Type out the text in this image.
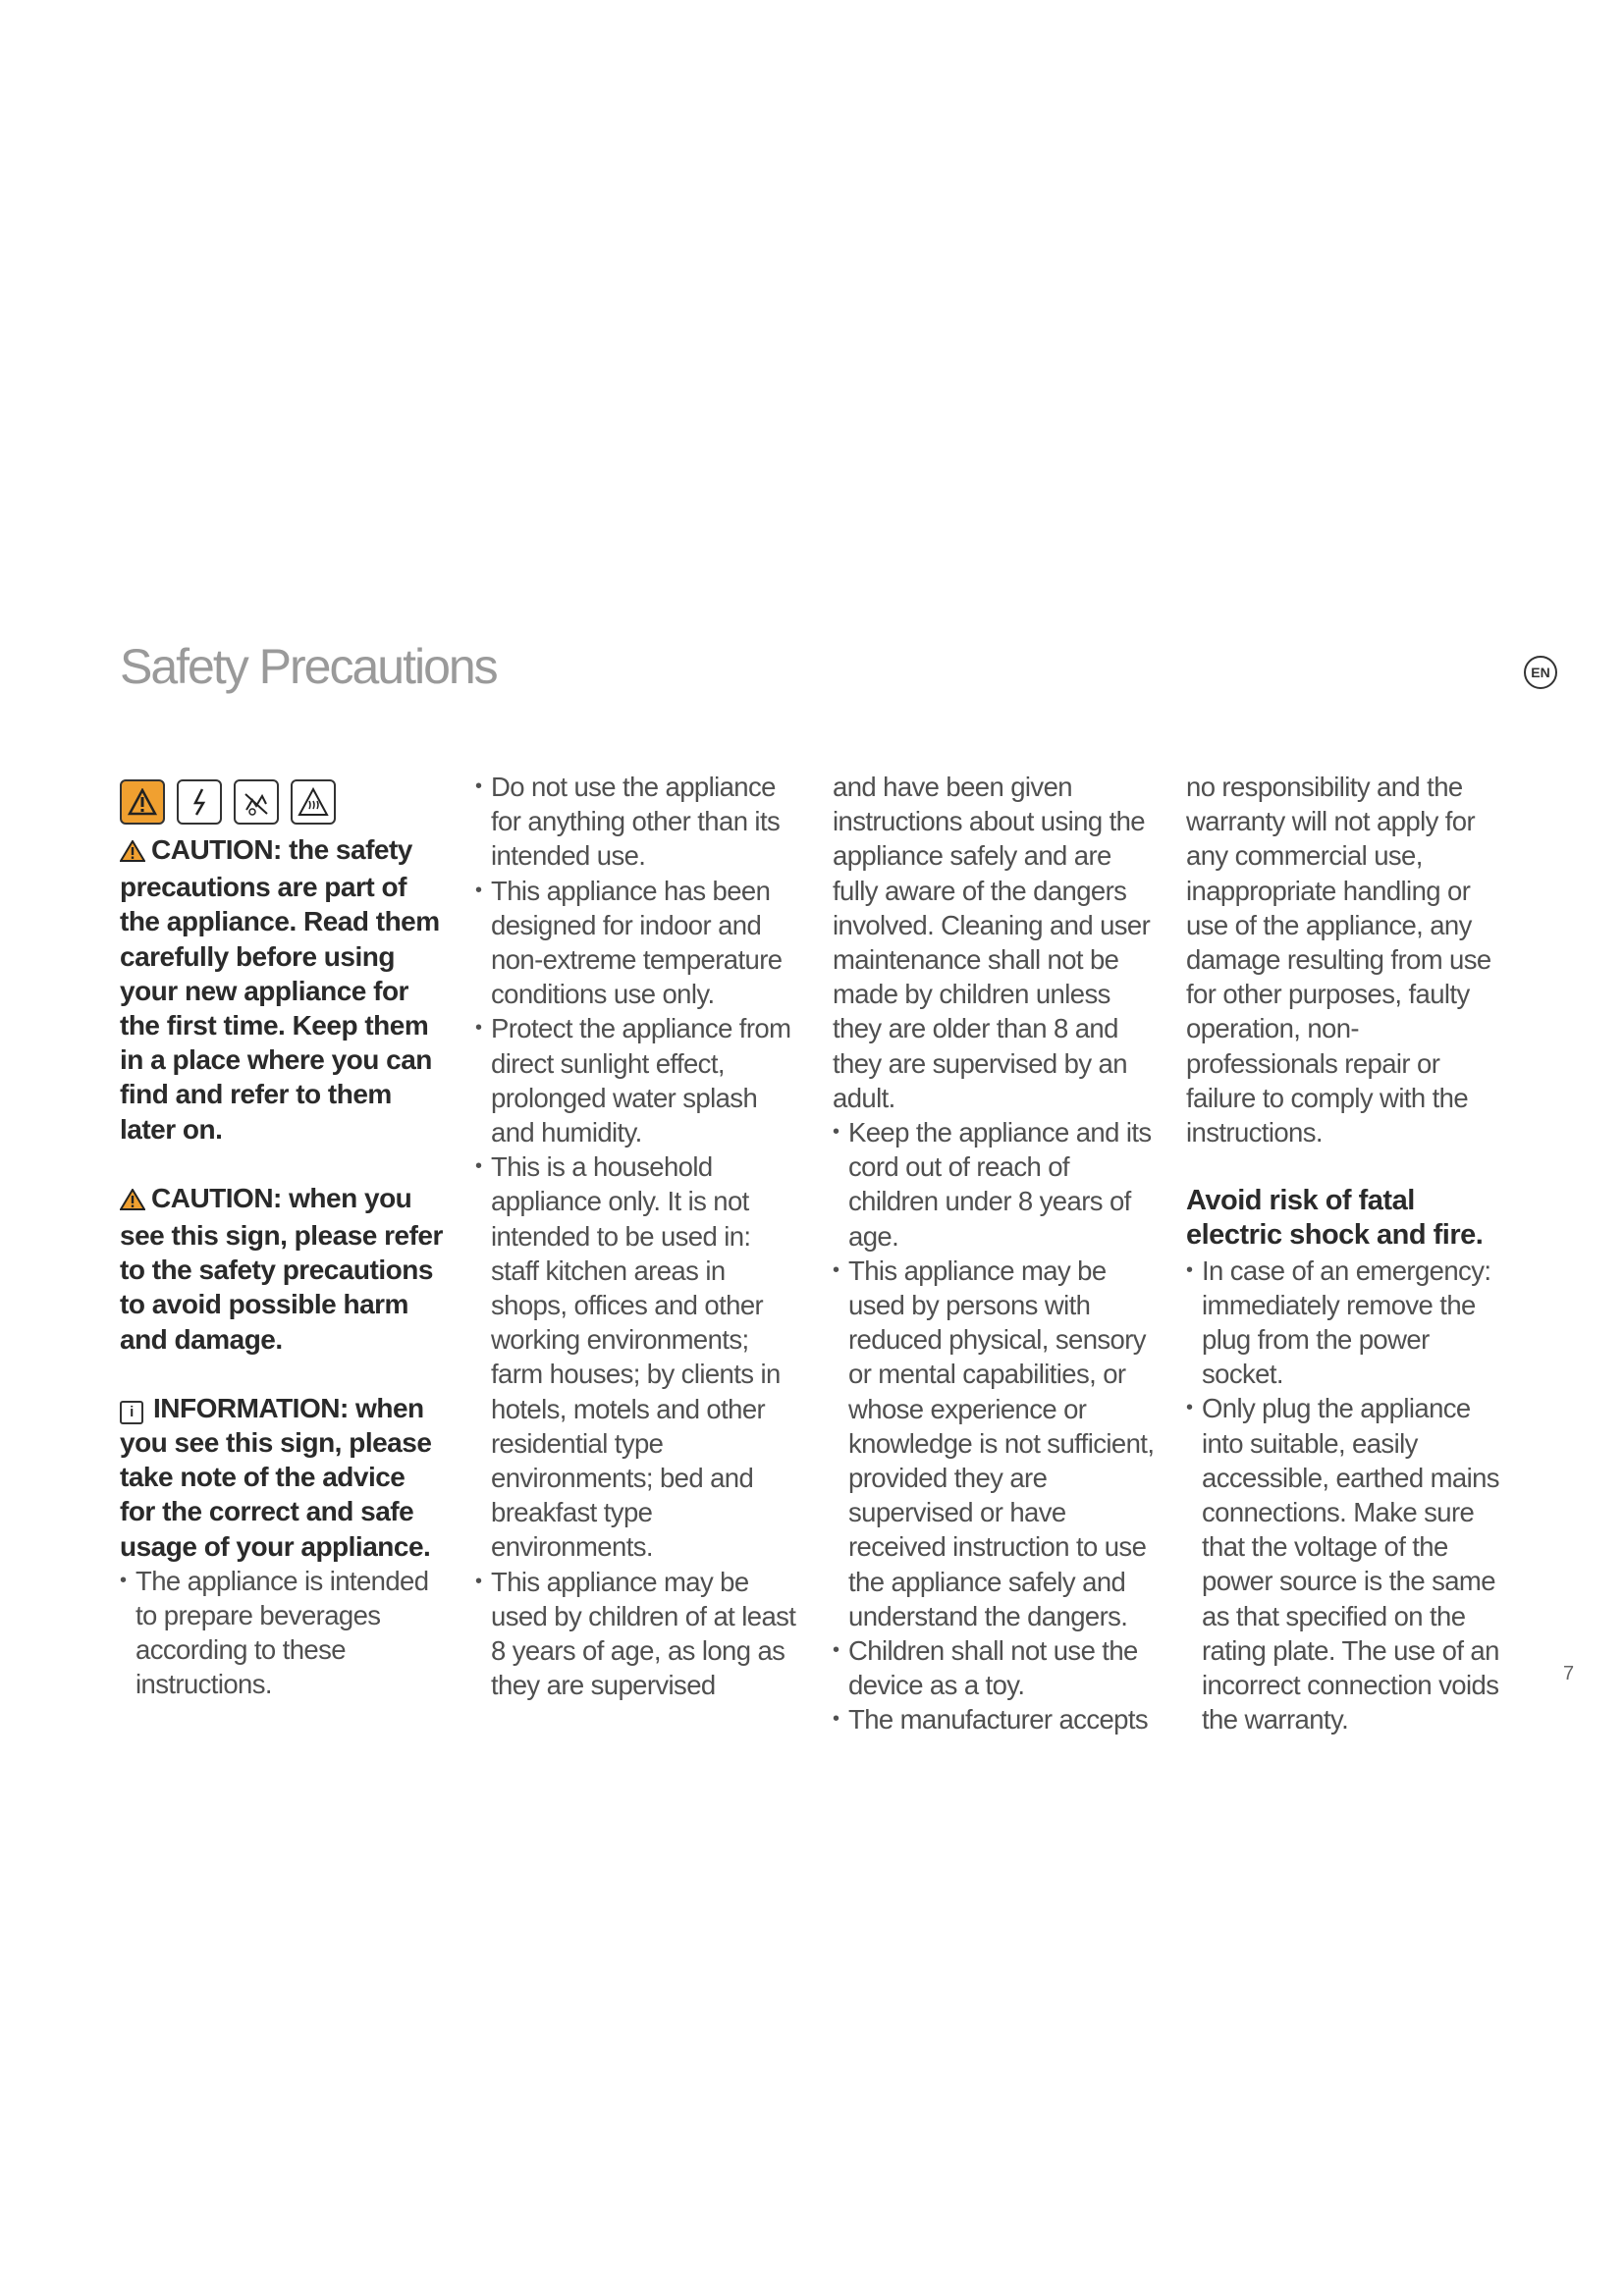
Safety Precautions	EN
CAUTION: the safety precautions are part of the appliance. Read them carefully before using your new appliance for the first time. Keep them in a place where you can find and refer to them later on.
CAUTION: when you see this sign, please refer to the safety precautions to avoid possible harm and damage.
i INFORMATION: when you see this sign, please take note of the advice for the correct and safe usage of your appliance.
• The appliance is intended to prepare beverages according to these instructions.
• Do not use the appliance for anything other than its intended use.
• This appliance has been designed for indoor and non-extreme temperature conditions use only.
• Protect the appliance from direct sunlight effect, prolonged water splash and humidity.
• This is a household appliance only. It is not intended to be used in: staff kitchen areas in shops, offices and other working environments; farm houses; by clients in hotels, motels and other residential type environments; bed and breakfast type environments.
• This appliance may be used by children of at least 8 years of age, as long as they are supervised
and have been given instructions about using the appliance safely and are fully aware of the dangers involved. Cleaning and user maintenance shall not be made by children unless they are older than 8 and they are supervised by an adult.
• Keep the appliance and its cord out of reach of children under 8 years of age.
• This appliance may be used by persons with reduced physical, sensory or mental capabilities, or whose experience or knowledge is not sufficient, provided they are supervised or have received instruction to use the appliance safely and understand the dangers.
• Children shall not use the device as a toy.
• The manufacturer accepts
no responsibility and the warranty will not apply for any commercial use, inappropriate handling or use of the appliance, any damage resulting from use for other purposes, faulty operation, non-professionals repair or failure to comply with the instructions.
Avoid risk of fatal electric shock and fire.
• In case of an emergency: immediately remove the plug from the power socket.
• Only plug the appliance into suitable, easily accessible, earthed mains connections. Make sure that the voltage of the power source is the same as that specified on the rating plate. The use of an incorrect connection voids the warranty.
7
